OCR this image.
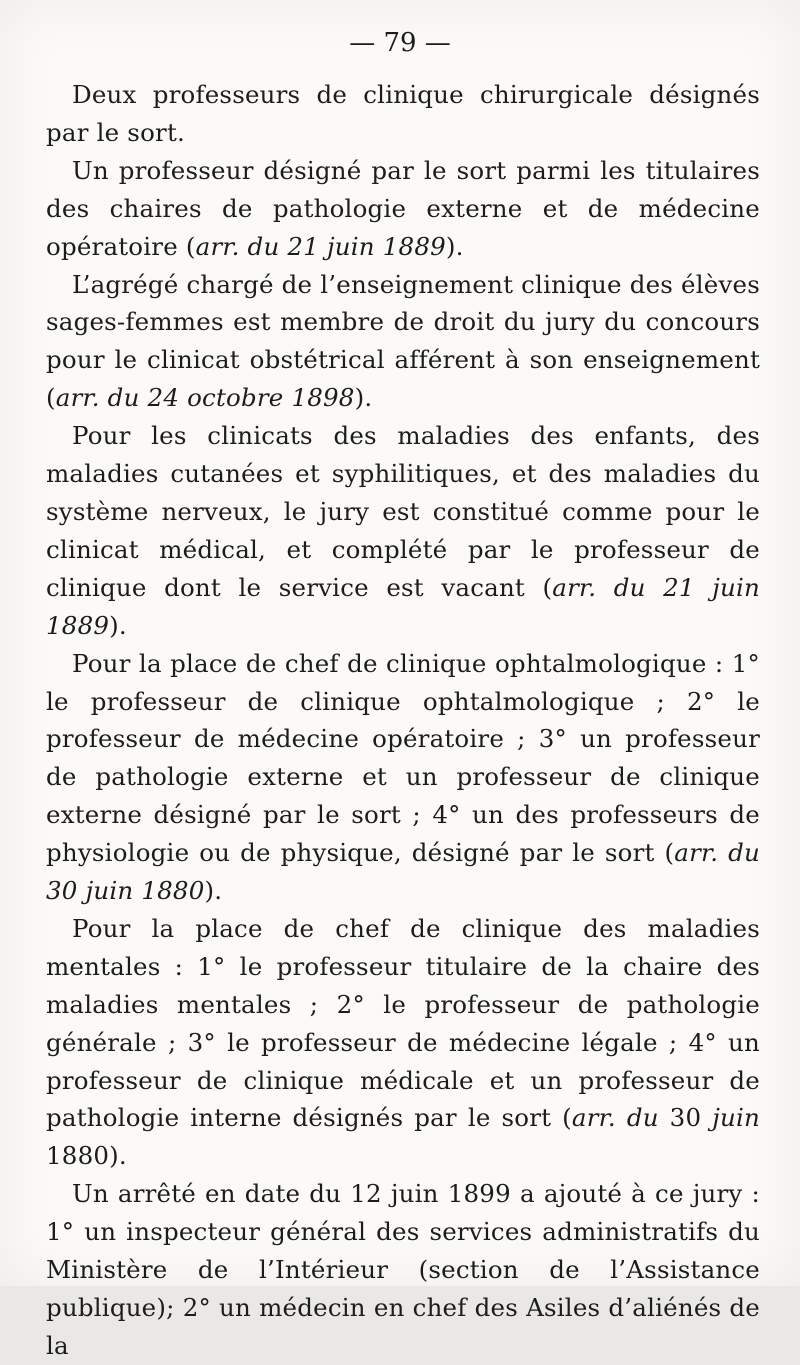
— 79 —

Deux professeurs de clinique chirurgicale désignés par le sort.

Un professeur désigné par le sort parmi les titulaires des chaires de pathologie externe et de médecine opératoire (arr. du 21 juin 1889).

L’agrégé chargé de l’enseignement clinique des élèves sages-femmes est membre de droit du jury du concours pour le clinicat obstétrical afférent à son enseignement (arr. du 24 octobre 1898).

Pour les clinicats des maladies des enfants, des maladies cutanées et syphilitiques, et des maladies du système nerveux, le jury est constitué comme pour le clinicat médical, et complété par le professeur de clinique dont le service est vacant (arr. du 21 juin 1889).

Pour la place de chef de clinique ophtalmologique : 1° le professeur de clinique ophtalmologique ; 2° le professeur de médecine opératoire ; 3° un professeur de pathologie externe et un professeur de clinique externe désigné par le sort ; 4° un des professeurs de physiologie ou de physique, désigné par le sort (arr. du 30 juin 1880).

Pour la place de chef de clinique des maladies mentales : 1° le professeur titulaire de la chaire des maladies mentales ; 2° le professeur de pathologie générale ; 3° le professeur de médecine légale ; 4° un professeur de clinique médicale et un professeur de pathologie interne désignés par le sort (arr. du 30 juin 1880).

Un arrêté en date du 12 juin 1899 a ajouté à ce jury : 1° un inspecteur général des services administratifs du Ministère de l’Intérieur (section de l’Assistance publique); 2° un médecin en chef des Asiles d’aliénés de la
